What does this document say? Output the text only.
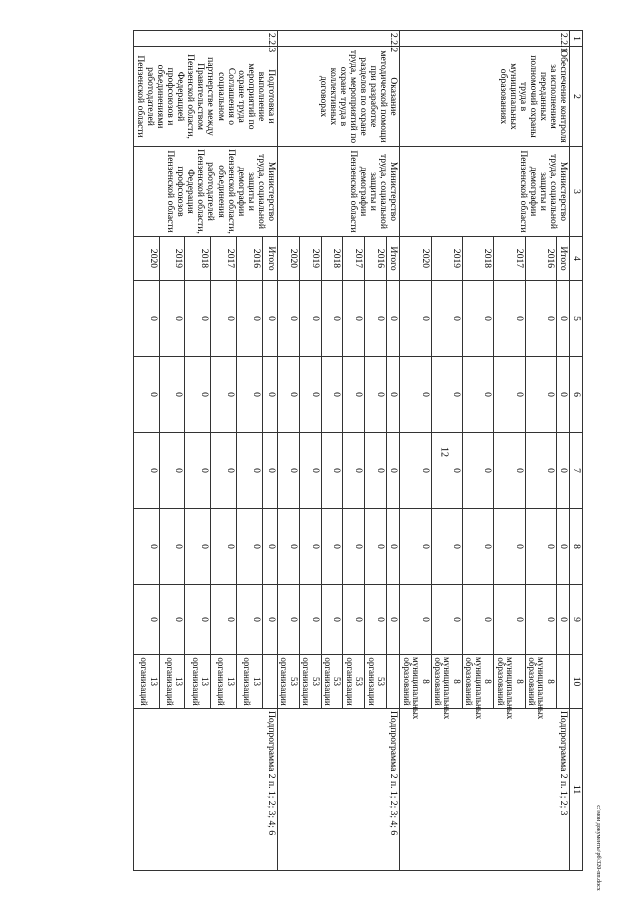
12
1	2	3	4	5	6	7	8	9	10	11
2.2.1	Обеспечение контроля за исполнением переданных полномочий охраны труда в муниципальных образованиях	Министерство труда, социальной защиты и демографии Пензенской области	Итого	0	0	0	0	0		Подпрограмма 2 п. 1; 2; 3
			2016	0	0	0	0	0	8 муниципальных образований	
			2017	0	0	0	0	0	8 муниципальных образований	
			2018	0	0	0	0	0	8 муниципальных образований	
			2019	0	0	0	0	0	8 муниципальных образований	
			2020	0	0	0	0	0	8 муниципальных образований	
2.2.2	Оказание методической помощи при разработке разделов по охране труда, мероприятий по охране труда в коллективных договорах	Министерство труда, социальной защиты и демографии Пензенской области	Итого	0	0	0	0	0		Подпрограмма 2 п. 1; 2; 3; 4; 6
			2016	0	0	0	0	0	53 организации	
			2017	0	0	0	0	0	53 организации	
			2018	0	0	0	0	0	53 организации	
			2019	0	0	0	0	0	53 организации	
			2020	0	0	0	0	0	53 организации	
2.2.3	Подготовка и выполнение мероприятий по охране труда Соглашения о социальном партнерстве между Правительством Пензенской области, Федерацией профсоюзов и объединениями работодателей Пензенской области	Министерство труда, социальной защиты и демографии Пензенской области, объединения работодателей Пензенской области, Федерация профсоюзов Пензенской области	Итого	0	0	0	0	0		Подпрограмма 2 п. 1; 2; 3; 4; 6
			2016	0	0	0	0	0	13 организаций	
			2017	0	0	0	0	0	13 организаций	
			2018	0	0	0	0	0	13 организаций	
			2019	0	0	0	0	0	13 организаций	
			2020	0	0	0	0	0	13 организаций	
c:\мои документы\рб\320-пп.docx
